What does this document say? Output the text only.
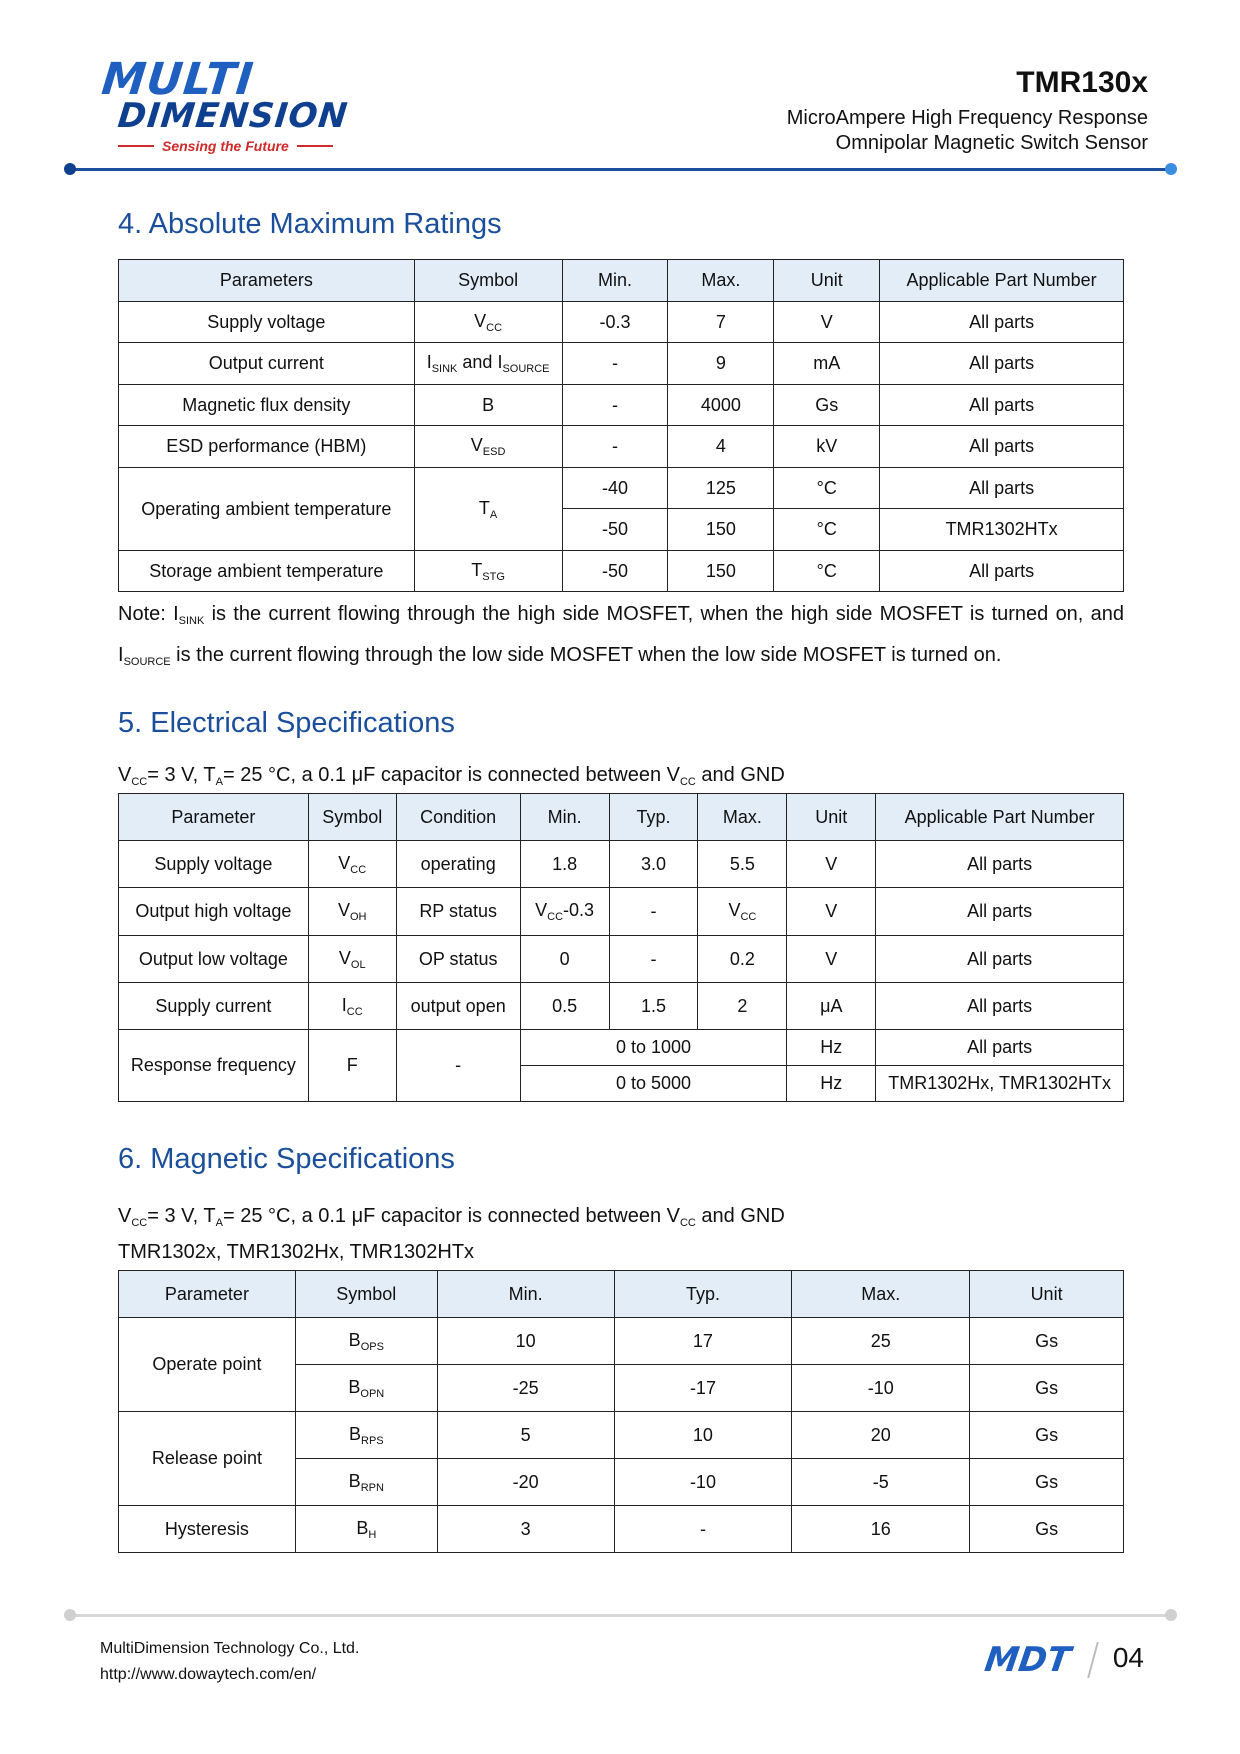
MULTI
DIMENSION
Sensing the Future
TMR130x
MicroAmpere High Frequency Response
Omnipolar Magnetic Switch Sensor
4. Absolute Maximum Ratings
Parameters	Symbol	Min.	Max.	Unit	Applicable Part Number
Supply voltage	$V_{CC}$	-0.3	7	V	All parts
Output current	$I_{SINK}$ and $I_{SOURCE}$	-	9	mA	All parts
Magnetic flux density	B	-	4000	Gs	All parts
ESD performance (HBM)	$V_{ESD}$	-	4	kV	All parts
Operating ambient temperature	$T_A$	-40	125	°C	All parts
		-50	150	°C	TMR1302HTx
Storage ambient temperature	$T_{STG}$	-50	150	°C	All parts
Note: $I_{SINK}$ is the current flowing through the high side MOSFET, when the high side MOSFET is turned on, and $I_{SOURCE}$ is the current flowing through the low side MOSFET when the low side MOSFET is turned on.
5. Electrical Specifications
$V_{CC}= 3$ V, $T_A= 25$ °C, a 0.1 μF capacitor is connected between $V_{CC}$ and GND
Parameter	Symbol	Condition	Min.	Typ.	Max.	Unit	Applicable Part Number
Supply voltage	$V_{CC}$	operating	1.8	3.0	5.5	V	All parts
Output high voltage	$V_{OH}$	RP status	$V_{CC}-0.3$	-	$V_{CC}$	V	All parts
Output low voltage	$V_{OL}$	OP status	0	-	0.2	V	All parts
Supply current	$I_{CC}$	output open	0.5	1.5	2	μA	All parts
Response frequency	F	-	0 to 1000			Hz	All parts
			0 to 5000			Hz	TMR1302Hx, TMR1302HTx
6. Magnetic Specifications
$V_{CC}= 3$ V, $T_A= 25$ °C, a 0.1 μF capacitor is connected between $V_{CC}$ and GND
TMR1302x, TMR1302Hx, TMR1302HTx
Parameter	Symbol	Min.	Typ.	Max.	Unit
Operate point	$B_{OPS}$	10	17	25	Gs
	$B_{OPN}$	-25	-17	-10	Gs
Release point	$B_{RPS}$	5	10	20	Gs
	$B_{RPN}$	-20	-10	-5	Gs
Hysteresis	$B_H$	3	-	16	Gs
MultiDimension Technology Co., Ltd.
http://www.dowaytech.com/en/	MDT 04
